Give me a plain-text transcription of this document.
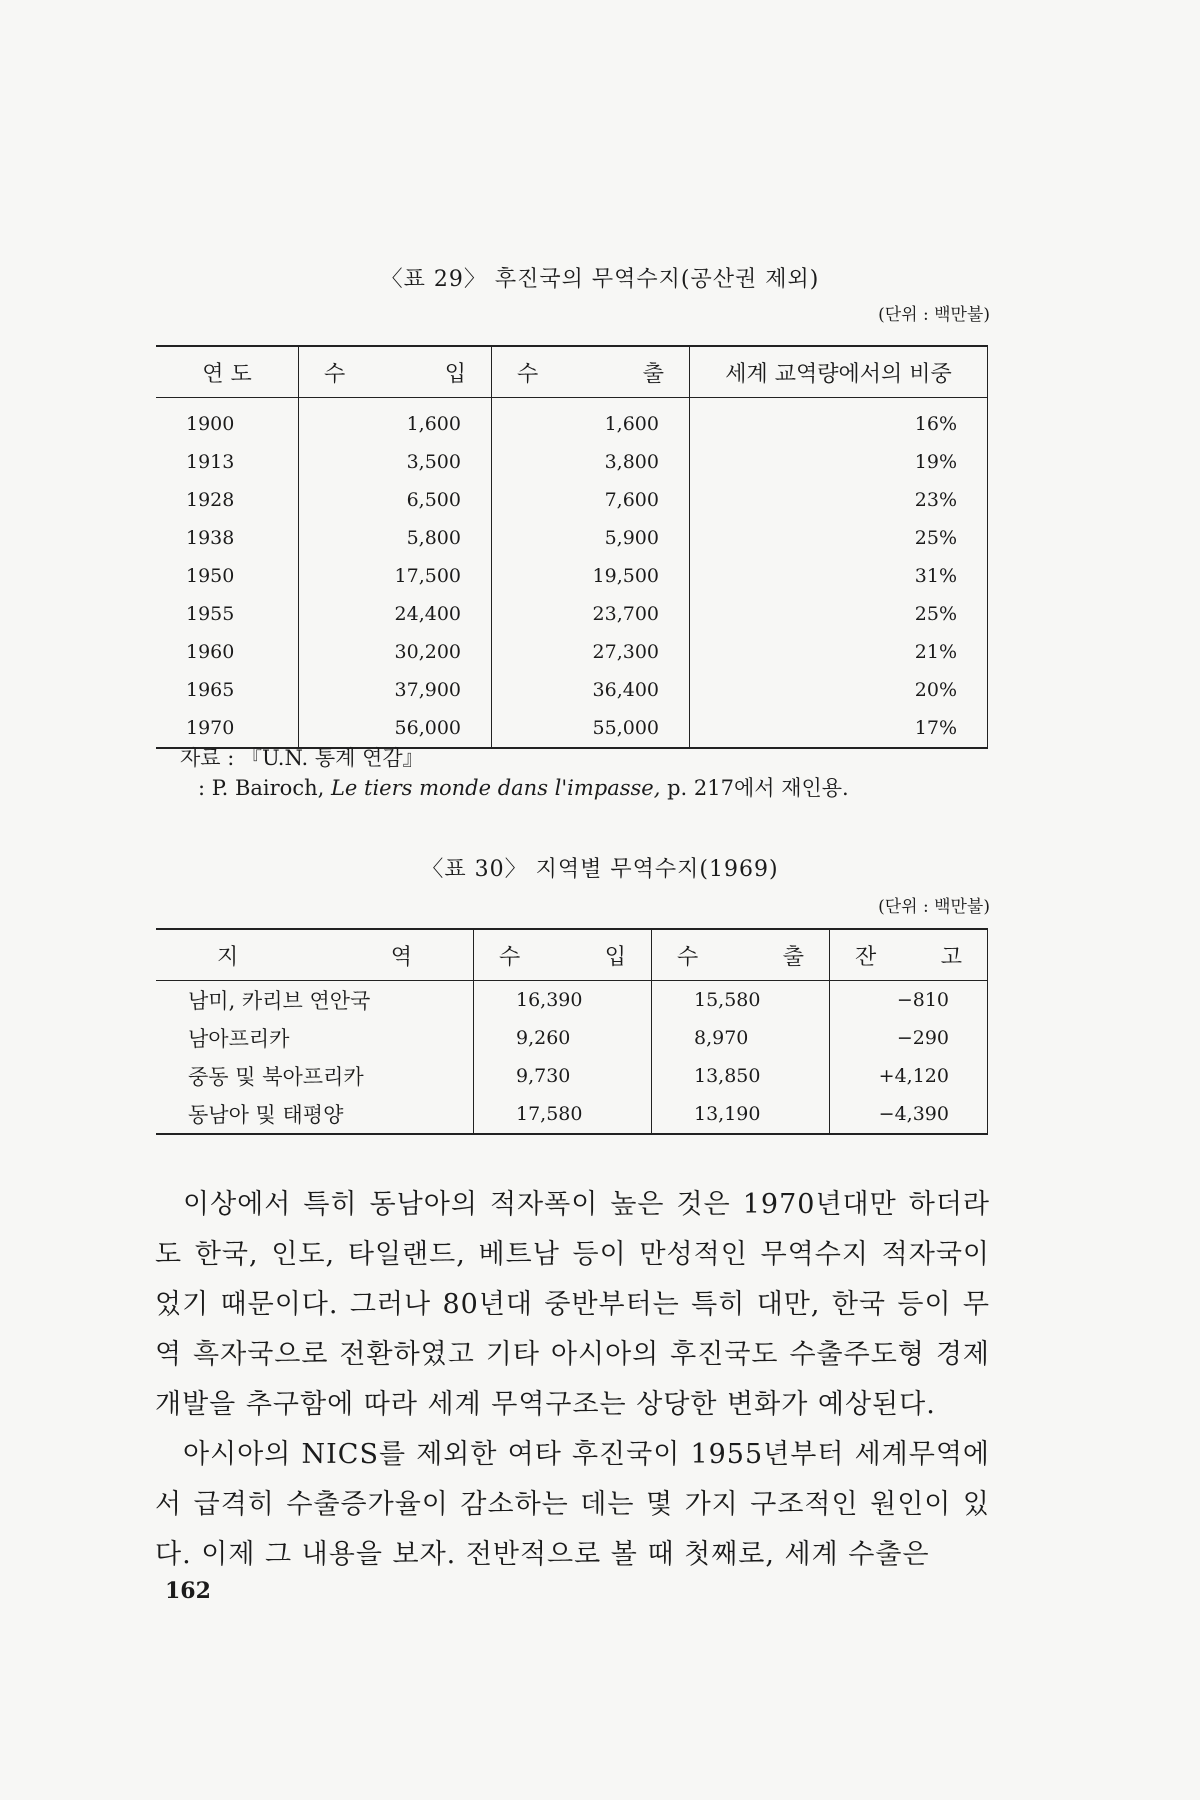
〈표 29〉 후진국의 무역수지(공산권 제외)
(단위 : 백만불)
연 도	수 입	수 출	세계 교역량에서의 비중
1900	1,600	1,600	16%
1913	3,500	3,800	19%
1928	6,500	7,600	23%
1938	5,800	5,900	25%
1950	17,500	19,500	31%
1955	24,400	23,700	25%
1960	30,200	27,300	21%
1965	37,900	36,400	20%
1970	56,000	55,000	17%
자료 : 『U.N. 통계 연감』
: P. Bairoch, Le tiers monde dans l'impasse, p. 217에서 재인용.
〈표 30〉 지역별 무역수지(1969)
(단위 : 백만불)
지 역	수 입	수 출	잔 고

남미, 카리브 연안국	16,390	15,580	−810
남아프리카	9,260	8,970	−290
중동 및 북아프리카	9,730	13,850	+4,120
동남아 및 태평양	17,580	13,190	−4,390

이상에서 특히 동남아의 적자폭이 높은 것은 1970년대만 하더라도 한국, 인도, 타일랜드, 베트남 등이 만성적인 무역수지 적자국이었기 때문이다. 그러나 80년대 중반부터는 특히 대만, 한국 등이 무역 흑자국으로 전환하였고 기타 아시아의 후진국도 수출주도형 경제개발을 추구함에 따라 세계 무역구조는 상당한 변화가 예상된다.

아시아의 NICS를 제외한 여타 후진국이 1955년부터 세계무역에서 급격히 수출증가율이 감소하는 데는 몇 가지 구조적인 원인이 있다. 이제 그 내용을 보자. 전반적으로 볼 때 첫째로, 세계 수출은

162
